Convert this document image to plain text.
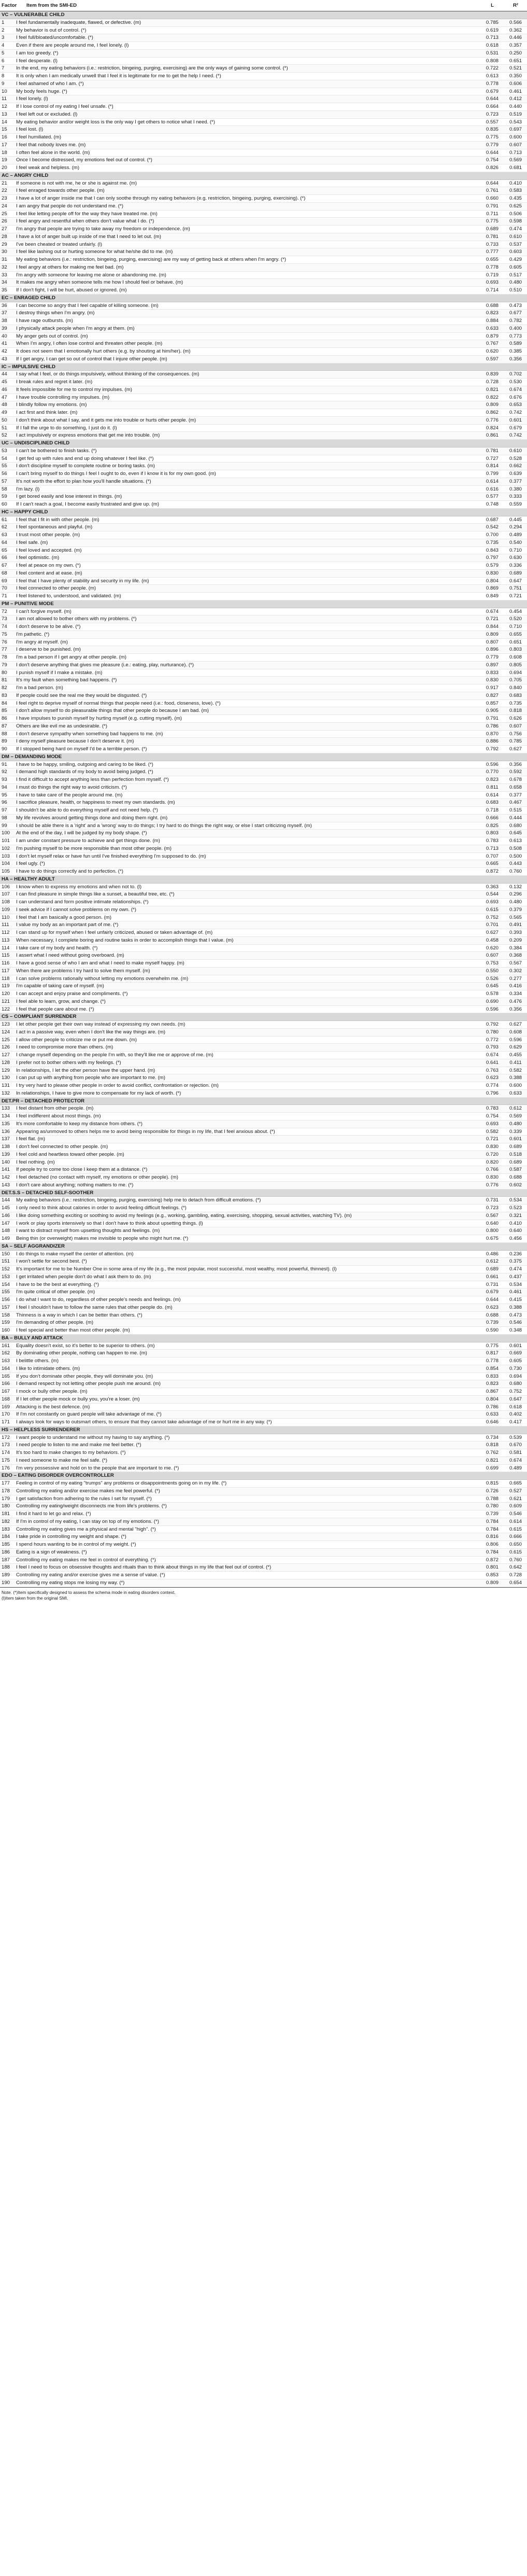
Factor Item from the SMI-ED		L	R²
VC – VULNERABLE CHILD			
1	I feel fundamentally inadequate, flawed, or defective. (m)	0.785	0.566
2	My behavior is out of control. (*)	0.619	0.362
3	I feel full/bloated/uncomfortable. (*)	0.713	0.446
4	Even if there are people around me, I feel lonely. (l)	0.618	0.357
5	I am too greedy. (*)	0.531	0.250
6	I feel desperate. (l)	0.808	0.651
7	In the end, my eating behaviors (i.e.: restriction, bingeing, purging, exercising) are the only ways of gaining some control. (*)	0.722	0.521
8	It is only when I am medically unwell that I feel it is legitimate for me to get the help I need. (*)	0.613	0.350
9	I feel ashamed of who I am. (*)	0.778	0.606
10	My body feels huge. (*)	0.679	0.461
11	I feel lonely. (l)	0.644	0.412
12	If I lose control of my eating I feel unsafe. (*)	0.664	0.440
13	I feel left out or excluded. (l)	0.723	0.519
14	My eating behavior and/or weight loss is the only way I get others to notice what I need. (*)	0.557	0.543
15	I feel lost. (l)	0.835	0.697
16	I feel humiliated. (m)	0.775	0.600
17	I feel that nobody loves me. (m)	0.779	0.607
18	I often feel alone in the world. (m)	0.644	0.713
19	Once I become distressed, my emotions feel out of control. (*)	0.754	0.569
20	I feel weak and helpless. (m)	0.826	0.681
AC – ANGRY CHILD			
21	If someone is not with me, he or she is against me. (m)	0.644	0.410
22	I feel enraged towards other people. (m)	0.761	0.583
23	I have a lot of anger inside me that I can only soothe through my eating behaviors (e.g. restriction, bingeing, purging, exercising). (*)	0.660	0.435
24	I am angry that people do not understand me. (*)	0.791	0.625
25	I feel like letting people off for the way they have treated me. (m)	0.711	0.506
26	I feel angry and resentful when others don't value what I do. (*)	0.775	0.598
27	I'm angry that people are trying to take away my freedom or independence. (m)	0.689	0.474
28	I have a lot of anger built up inside of me that I need to let out. (m)	0.781	0.610
29	I've been cheated or treated unfairly. (l)	0.733	0.537
30	I feel like lashing out or hurting someone for what he/she did to me. (m)	0.777	0.603
31	My eating behaviors (i.e.: restriction, bingeing, purging, exercising) are my way of getting back at others when I'm angry. (*)	0.655	0.429
32	I feel angry at others for making me feel bad. (m)	0.778	0.605
33	I'm angry with someone for leaving me alone or abandoning me. (m)	0.719	0.517
34	It makes me angry when someone tells me how I should feel or behave. (m)	0.693	0.480
35	If I don't fight, I will be hurt, abused or ignored. (m)	0.714	0.510
EC – ENRAGED CHILD			
36	I can become so angry that I feel capable of killing someone. (m)	0.688	0.473
37	I destroy things when I'm angry. (m)	0.823	0.677
38	I have rage outbursts. (m)	0.884	0.782
39	I physically attack people when I'm angry at them. (m)	0.633	0.400
40	My anger gets out of control. (m)	0.879	0.773
41	When I'm angry, I often lose control and threaten other people. (m)	0.767	0.589
42	It does not seem that I emotionally hurt others (e.g. by shouting at him/her). (m)	0.620	0.385
43	If I get angry, I can get so out of control that I injure other people. (m)	0.597	0.356
IC – IMPULSIVE CHILD			
44	I say what I feel, or do things impulsively, without thinking of the consequences. (m)	0.839	0.702
45	I break rules and regret it later. (m)	0.728	0.530
46	It feels impossible for me to control my impulses. (m)	0.821	0.674
47	I have trouble controlling my impulses. (m)	0.822	0.676
48	I blindly follow my emotions. (m)	0.809	0.653
49	I act first and think later. (m)	0.862	0.742
50	I don't think about what I say, and it gets me into trouble or hurts other people. (m)	0.776	0.601
51	If I fall the urge to do something, I just do it. (l)	0.824	0.679
52	I act impulsively or express emotions that get me into trouble. (m)	0.861	0.742
UC – UNDISCIPLINED CHILD			
53	I can't be bothered to finish tasks. (*)	0.781	0.610
54	I get fed up with rules and end up doing whatever I feel like. (*)	0.727	0.528
55	I don't discipline myself to complete routine or boring tasks. (m)	0.814	0.662
56	I can't bring myself to do things I feel I ought to do, even if I know it is for my own good. (m)	0.799	0.639
57	It's not worth the effort to plan how you'll handle situations. (*)	0.614	0.377
58	I'm lazy. (l)	0.616	0.380
59	I get bored easily and lose interest in things. (m)	0.577	0.333
60	If I can't reach a goal, I become easily frustrated and give up. (m)	0.748	0.559
HC – HAPPY CHILD			
61	I feel that I fit in with other people. (m)	0.687	0.445
62	I feel spontaneous and playful. (m)	0.542	0.294
63	I trust most other people. (m)	0.700	0.489
64	I feel safe. (m)	0.735	0.540
65	I feel loved and accepted. (m)	0.843	0.710
66	I feel optimistic. (m)	0.797	0.630
67	I feel at peace on my own. (*)	0.579	0.336
68	I feel content and at ease. (m)	0.830	0.689
69	I feel that I have plenty of stability and security in my life. (m)	0.804	0.647
70	I feel connected to other people. (m)	0.869	0.751
71	I feel listened to, understood, and validated. (m)	0.849	0.721
PM – PUNITIVE MODE			
72	I can't forgive myself. (m)	0.674	0.454
73	I am not allowed to bother others with my problems. (*)	0.721	0.520
74	I don't deserve to be alive. (*)	0.844	0.710
75	I'm pathetic. (*)	0.809	0.655
76	I'm angry at myself. (m)	0.807	0.651
77	I deserve to be punished. (m)	0.896	0.803
78	I'm a bad person if I get angry at other people. (m)	0.779	0.608
79	I don't deserve anything that gives me pleasure (i.e.: eating, play, nurturance). (*)	0.897	0.805
80	I punish myself if I make a mistake. (m)	0.833	0.694
81	It's my fault when something bad happens. (*)	0.830	0.705
82	I'm a bad person. (m)	0.917	0.840
83	If people could see the real me they would be disgusted. (*)	0.827	0.683
84	I feel right to deprive myself of normal things that people need (i.e.: food, closeness, love). (*)	0.857	0.735
85	I don't allow myself to do pleasurable things that other people do because I am bad. (m)	0.905	0.818
86	I have impulses to punish myself by hurting myself (e.g. cutting myself). (m)	0.791	0.626
87	Others are like evil me as undesirable. (*)	0.786	0.607
88	I don't deserve sympathy when something bad happens to me. (m)	0.870	0.756
89	I deny myself pleasure because I don't deserve it. (m)	0.886	0.785
90	If I stopped being hard on myself I'd be a terrible person. (*)	0.792	0.627
DM – DEMANDING MODE			
91	I have to be happy, smiling, outgoing and caring to be liked. (*)	0.596	0.356
92	I demand high standards of my body to avoid being judged. (*)	0.770	0.592
93	I find it difficult to accept anything less than perfection from myself. (*)	0.823	0.678
94	I must do things the right way to avoid criticism. (*)	0.811	0.658
95	I have to take care of the people around me. (m)	0.614	0.377
96	I sacrifice pleasure, health, or happiness to meet my own standards. (m)	0.683	0.467
97	I shouldn't be able to do everything myself and not need help. (*)	0.718	0.515
98	My life revolves around getting things done and doing them right. (m)	0.666	0.444
99	I should be able there is a 'right' and a 'wrong' way to do things; I try hard to do things the right way, or else I start criticizing myself. (m)	0.825	0.680
100	At the end of the day, I will be judged by my body shape. (*)	0.803	0.645
101	I am under constant pressure to achieve and get things done. (m)	0.783	0.613
102	I'm pushing myself to be more responsible than most other people. (m)	0.713	0.508
103	I don't let myself relax or have fun until I've finished everything I'm supposed to do. (m)	0.707	0.500
104	I feel ugly. (*)	0.665	0.443
105	I have to do things correctly and to perfection. (*)	0.872	0.760
HA – HEALTHY ADULT			
106	I know when to express my emotions and when not to. (l)	0.363	0.132
107	I can find pleasure in simple things like a sunset, a beautiful tree, etc. (*)	0.544	0.296
108	I can understand and form positive intimate relationships. (*)	0.693	0.480
109	I seek advice if I cannot solve problems on my own. (*)	0.615	0.379
110	I feel that I am basically a good person. (m)	0.752	0.565
111	I value my body as an important part of me. (*)	0.701	0.491
112	I can stand up for myself when I feel unfairly criticized, abused or taken advantage of. (m)	0.627	0.393
113	When necessary, I complete boring and routine tasks in order to accomplish things that I value. (m)	0.458	0.209
114	I take care of my body and health. (*)	0.620	0.384
115	I assert what I need without going overboard. (m)	0.607	0.368
116	I have a good sense of who I am and what I need to make myself happy. (m)	0.753	0.567
117	When there are problems I try hard to solve them myself. (m)	0.550	0.302
118	I can solve problems rationally without letting my emotions overwhelm me. (m)	0.526	0.277
119	I'm capable of taking care of myself. (m)	0.645	0.416
120	I can accept and enjoy praise and compliments. (*)	0.578	0.334
121	I feel able to learn, grow, and change. (*)	0.690	0.476
122	I feel that people care about me. (*)	0.596	0.356
CS – COMPLIANT SURRENDER			
123	I let other people get their own way instead of expressing my own needs. (m)	0.792	0.627
124	I act in a passive way, even when I don't like the way things are. (m)	0.780	0.608
125	I allow other people to criticize me or put me down. (m)	0.772	0.596
126	I need to compromise more than others. (m)	0.793	0.629
127	I change myself depending on the people I'm with, so they'll like me or approve of me. (m)	0.674	0.455
128	I prefer not to bother others with my feelings. (*)	0.641	0.411
129	In relationships, I let the other person have the upper hand. (m)	0.763	0.582
130	I can put up with anything from people who are important to me. (m)	0.623	0.388
131	I try very hard to please other people in order to avoid conflict, confrontation or rejection. (m)	0.774	0.600
132	In relationships, I have to give more to compensate for my lack of worth. (*)	0.796	0.633
DET.PR – DETACHED PROTECTOR			
133	I feel distant from other people. (m)	0.783	0.612
134	I feel indifferent about most things. (m)	0.754	0.569
135	It's more comfortable to keep my distance from others. (*)	0.693	0.480
136	Appearing as/unmoved to others helps me to avoid being responsible for things in my life, that I feel anxious about. (*)	0.582	0.339
137	I feel flat. (m)	0.721	0.601
138	I don't feel connected to other people. (m)	0.830	0.689
139	I feel cold and heartless toward other people. (m)	0.720	0.518
140	I feel nothing. (m)	0.820	0.689
141	If people try to come too close I keep them at a distance. (*)	0.766	0.587
142	I feel detached (no contact with myself, my emotions or other people). (m)	0.830	0.688
143	I don't care about anything; nothing matters to me. (*)	0.776	0.602
DET.S.S – DETACHED SELF-SOOTHER			
144	My eating behaviors (i.e.: restriction, bingeing, purging, exercising) help me to detach from difficult emotions. (*)	0.731	0.534
145	I only need to think about calories in order to avoid feeling difficult feelings. (*)	0.723	0.523
146	I like doing something exciting or soothing to avoid my feelings (e.g., working, gambling, eating, exercising, shopping, sexual activities, watching TV). (m)	0.567	0.321
147	I work or play sports intensively so that I don't have to think about upsetting things. (l)	0.640	0.410
148	I want to distract myself from upsetting thoughts and feelings. (m)	0.800	0.640
149	Being thin (or overweight) makes me invisible to people who might hurt me. (*)	0.675	0.456
SA – SELF AGGRANDIZER			
150	I do things to make myself the center of attention. (m)	0.486	0.236
151	I won't settle for second best. (*)	0.612	0.375
152	It's important for me to be Number One in some area of my life (e.g., the most popular, most successful, most wealthy, most powerful, thinnest). (l)	0.689	0.474
153	I get irritated when people don't do what I ask them to do. (m)	0.661	0.437
154	I have to be the best at everything. (*)	0.731	0.534
155	I'm quite critical of other people. (m)	0.679	0.461
156	I do what I want to do, regardless of other people's needs and feelings. (m)	0.644	0.415
157	I feel I shouldn't have to follow the same rules that other people do. (m)	0.623	0.388
158	Thinness is a way in which I can be better than others. (*)	0.688	0.473
159	I'm demanding of other people. (m)	0.739	0.546
160	I feel special and better than most other people. (m)	0.590	0.348
BA – BULLY AND ATTACK			
161	Equality doesn't exist, so it's better to be superior to others. (m)	0.775	0.601
162	By dominating other people, nothing can happen to me. (m)	0.817	0.669
163	I belittle others. (m)	0.778	0.605
164	I like to intimidate others. (m)	0.854	0.730
165	If you don't dominate other people, they will dominate you. (m)	0.833	0.694
166	I demand respect by not letting other people push me around. (m)	0.823	0.680
167	I mock or bully other people. (m)	0.867	0.752
168	If I let other people mock or bully you, you're a loser. (m)	0.804	0.647
169	Attacking is the best defence. (m)	0.786	0.618
170	If I'm not constantly on guard people will take advantage of me. (*)	0.633	0.402
171	I always look for ways to outsmart others, to ensure that they cannot take advantage of me or hurt me in any way. (*)	0.646	0.417
HS – HELPLESS SURRENDERER			
172	I want people to understand me without my having to say anything. (*)	0.734	0.539
173	I need people to listen to me and make me feel better. (*)	0.818	0.670
174	It's too hard to make changes to my behaviors. (*)	0.762	0.581
175	I need someone to make me feel safe. (*)	0.821	0.674
176	I'm very possessive and hold on to the people that are important to me. (*)	0.699	0.489
EDO – EATING DISORDER OVERCONTROLLER			
177	Feeling in control of my eating "trumps" any problems or disappointments going on in my life. (*)	0.815	0.665
178	Controlling my eating and/or exercise makes me feel powerful. (*)	0.726	0.527
179	I get satisfaction from adhering to the rules I set for myself. (*)	0.788	0.621
180	Controlling my eating/weight disconnects me from life's problems. (*)	0.780	0.609
181	I find it hard to let go and relax. (*)	0.739	0.546
182	If I'm in control of my eating, I can stay on top of my emotions. (*)	0.784	0.614
183	Controlling my eating gives me a physical and mental "high". (*)	0.784	0.615
184	I take pride in controlling my weight and shape. (*)	0.816	0.666
185	I spend hours wanting to be in control of my weight. (*)	0.806	0.650
186	Eating is a sign of weakness. (*)	0.784	0.615
187	Controlling my eating makes me feel in control of everything. (*)	0.872	0.760
188	I feel I need to focus on obsessive thoughts and rituals than to think about things in my life that feel out of control. (*)	0.801	0.642
189	Controlling my eating and/or exercise gives me a sense of value. (*)	0.853	0.728
190	Controlling my eating stops me losing my way. (*)	0.809	0.654
Note. (*)Item specifically designed to assess the schema mode in eating disorders context.
(l)Item taken from the original SMI.
